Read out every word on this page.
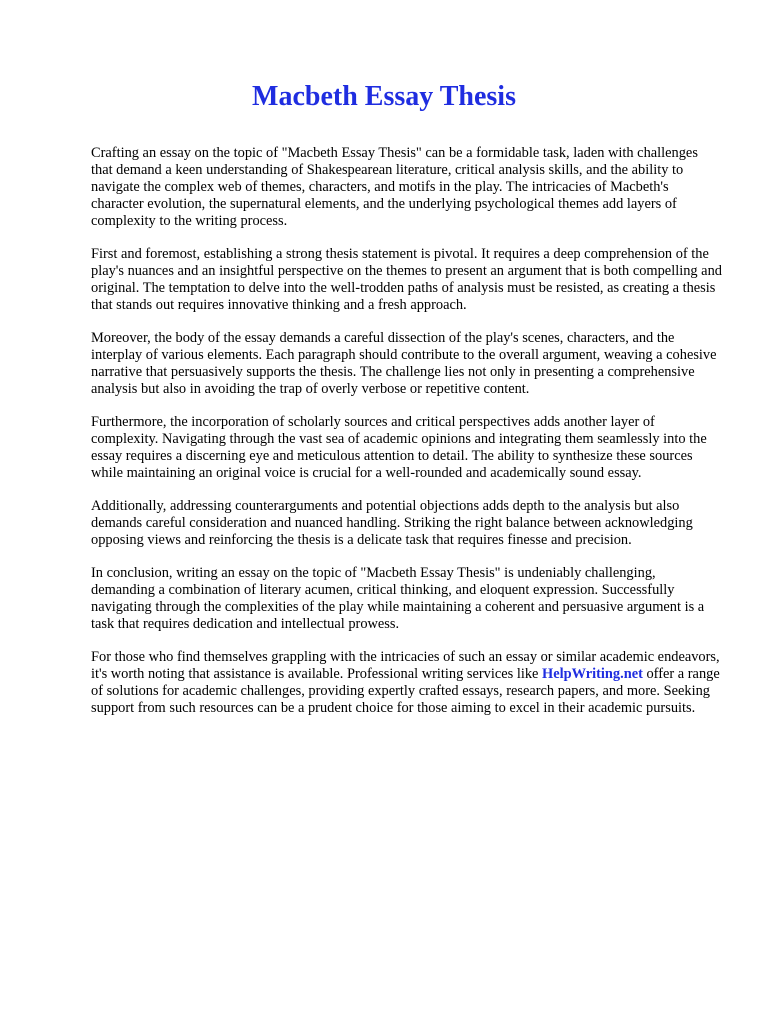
Macbeth Essay Thesis

Crafting an essay on the topic of "Macbeth Essay Thesis" can be a formidable task, laden with challenges that demand a keen understanding of Shakespearean literature, critical analysis skills, and the ability to navigate the complex web of themes, characters, and motifs in the play. The intricacies of Macbeth's character evolution, the supernatural elements, and the underlying psychological themes add layers of complexity to the writing process.

First and foremost, establishing a strong thesis statement is pivotal. It requires a deep comprehension of the play's nuances and an insightful perspective on the themes to present an argument that is both compelling and original. The temptation to delve into the well-trodden paths of analysis must be resisted, as creating a thesis that stands out requires innovative thinking and a fresh approach.

Moreover, the body of the essay demands a careful dissection of the play's scenes, characters, and the interplay of various elements. Each paragraph should contribute to the overall argument, weaving a cohesive narrative that persuasively supports the thesis. The challenge lies not only in presenting a comprehensive analysis but also in avoiding the trap of overly verbose or repetitive content.

Furthermore, the incorporation of scholarly sources and critical perspectives adds another layer of complexity. Navigating through the vast sea of academic opinions and integrating them seamlessly into the essay requires a discerning eye and meticulous attention to detail. The ability to synthesize these sources while maintaining an original voice is crucial for a well-rounded and academically sound essay.

Additionally, addressing counterarguments and potential objections adds depth to the analysis but also demands careful consideration and nuanced handling. Striking the right balance between acknowledging opposing views and reinforcing the thesis is a delicate task that requires finesse and precision.

In conclusion, writing an essay on the topic of "Macbeth Essay Thesis" is undeniably challenging, demanding a combination of literary acumen, critical thinking, and eloquent expression. Successfully navigating through the complexities of the play while maintaining a coherent and persuasive argument is a task that requires dedication and intellectual prowess.

For those who find themselves grappling with the intricacies of such an essay or similar academic endeavors, it's worth noting that assistance is available. Professional writing services like HelpWriting.net offer a range of solutions for academic challenges, providing expertly crafted essays, research papers, and more. Seeking support from such resources can be a prudent choice for those aiming to excel in their academic pursuits.
